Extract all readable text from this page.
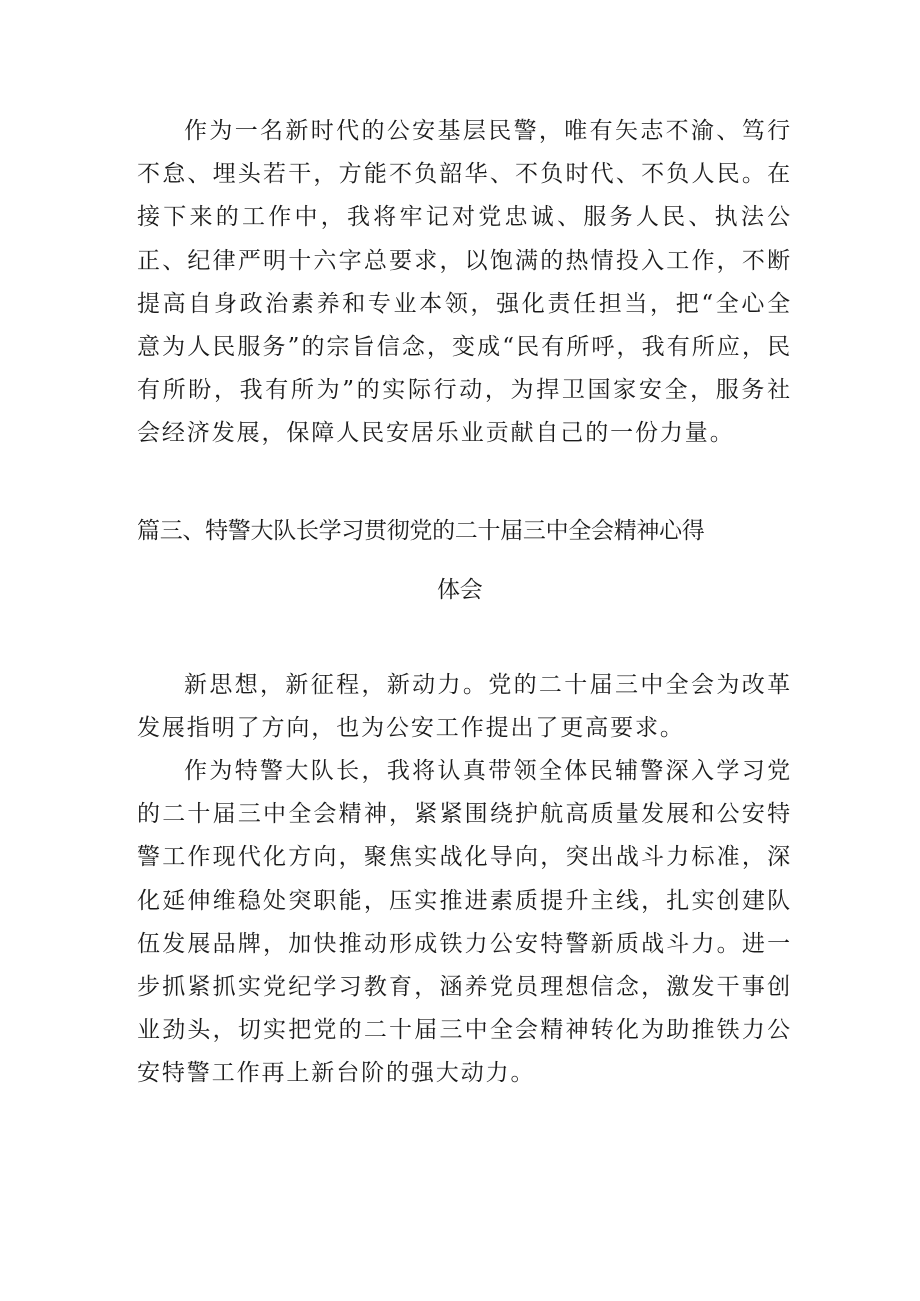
作为一名新时代的公安基层民警，唯有矢志不渝、笃行不怠、埋头若干，方能不负韶华、不负时代、不负人民。在接下来的工作中，我将牢记对党忠诚、服务人民、执法公正、纪律严明十六字总要求，以饱满的热情投入工作，不断提高自身政治素养和专业本领，强化责任担当，把“全心全意为人民服务”的宗旨信念，变成“民有所呼，我有所应，民有所盼，我有所为”的实际行动，为捍卫国家安全，服务社会经济发展，保障人民安居乐业贡献自己的一份力量。

篇三、特警大队长学习贯彻党的二十届三中全会精神心得
体会

新思想，新征程，新动力。党的二十届三中全会为改革发展指明了方向，也为公安工作提出了更高要求。

作为特警大队长，我将认真带领全体民辅警深入学习党的二十届三中全会精神，紧紧围绕护航高质量发展和公安特警工作现代化方向，聚焦实战化导向，突出战斗力标准，深化延伸维稳处突职能，压实推进素质提升主线，扎实创建队伍发展品牌，加快推动形成铁力公安特警新质战斗力。进一步抓紧抓实党纪学习教育，涵养党员理想信念，激发干事创业劲头，切实把党的二十届三中全会精神转化为助推铁力公安特警工作再上新台阶的强大动力。
